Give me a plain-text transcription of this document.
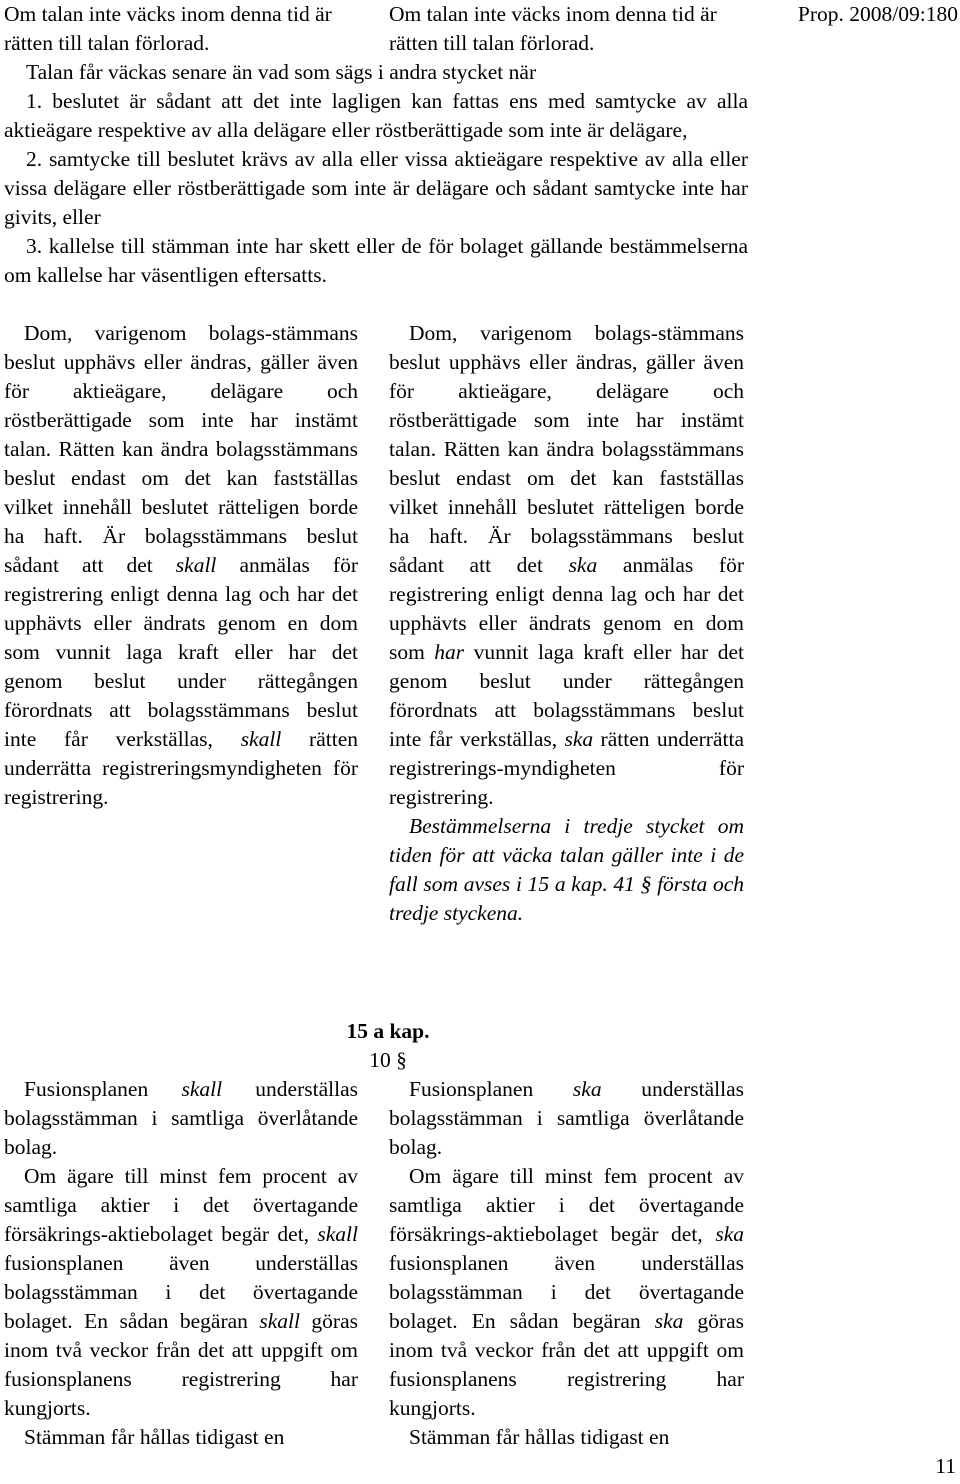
Prop. 2008/09:180

Om talan inte väcks inom denna tid är rätten till talan förlorad.

Om talan inte väcks inom denna tid är rätten till talan förlorad.

Talan får väckas senare än vad som sägs i andra stycket när

1. beslutet är sådant att det inte lagligen kan fattas ens med samtycke av alla aktieägare respektive av alla delägare eller röstberättigade som inte är delägare,

2. samtycke till beslutet krävs av alla eller vissa aktieägare respektive av alla eller vissa delägare eller röstberättigade som inte är delägare och sådant samtycke inte har givits, eller

3. kallelse till stämman inte har skett eller de för bolaget gällande bestämmelserna om kallelse har väsentligen eftersatts.

Dom, varigenom bolags-stämmans beslut upphävs eller ändras, gäller även för aktieägare, delägare och röstberättigade som inte har instämt talan. Rätten kan ändra bolagsstämmans beslut endast om det kan fastställas vilket innehåll beslutet rätteligen borde ha haft. Är bolagsstämmans beslut sådant att det skall anmälas för registrering enligt denna lag och har det upphävts eller ändrats genom en dom som vunnit laga kraft eller har det genom beslut under rättegången förordnats att bolagsstämmans beslut inte får verkställas, skall rätten underrätta registreringsmyndigheten för registrering.

Dom, varigenom bolags-stämmans beslut upphävs eller ändras, gäller även för aktieägare, delägare och röstberättigade som inte har instämt talan. Rätten kan ändra bolagsstämmans beslut endast om det kan fastställas vilket innehåll beslutet rätteligen borde ha haft. Är bolagsstämmans beslut sådant att det ska anmälas för registrering enligt denna lag och har det upphävts eller ändrats genom en dom som har vunnit laga kraft eller har det genom beslut under rättegången förordnats att bolagsstämmans beslut inte får verkställas, ska rätten underrätta registrerings-myndigheten för registrering.

Bestämmelserna i tredje stycket om tiden för att väcka talan gäller inte i de fall som avses i 15 a kap. 41 § första och tredje styckena.

15 a kap.
10 §

Fusionsplanen skall underställas bolagsstämman i samtliga överlåtande bolag.

Om ägare till minst fem procent av samtliga aktier i det övertagande försäkrings-aktiebolaget begär det, skall fusionsplanen även underställas bolagsstämman i det övertagande bolaget. En sådan begäran skall göras inom två veckor från det att uppgift om fusionsplanens registrering har kungjorts.

Stämman får hållas tidigast en

Fusionsplanen ska underställas bolagsstämman i samtliga överlåtande bolag.

Om ägare till minst fem procent av samtliga aktier i det övertagande försäkrings-aktiebolaget begär det, ska fusionsplanen även underställas bolagsstämman i det övertagande bolaget. En sådan begäran ska göras inom två veckor från det att uppgift om fusionsplanens registrering har kungjorts.

Stämman får hållas tidigast en

11
